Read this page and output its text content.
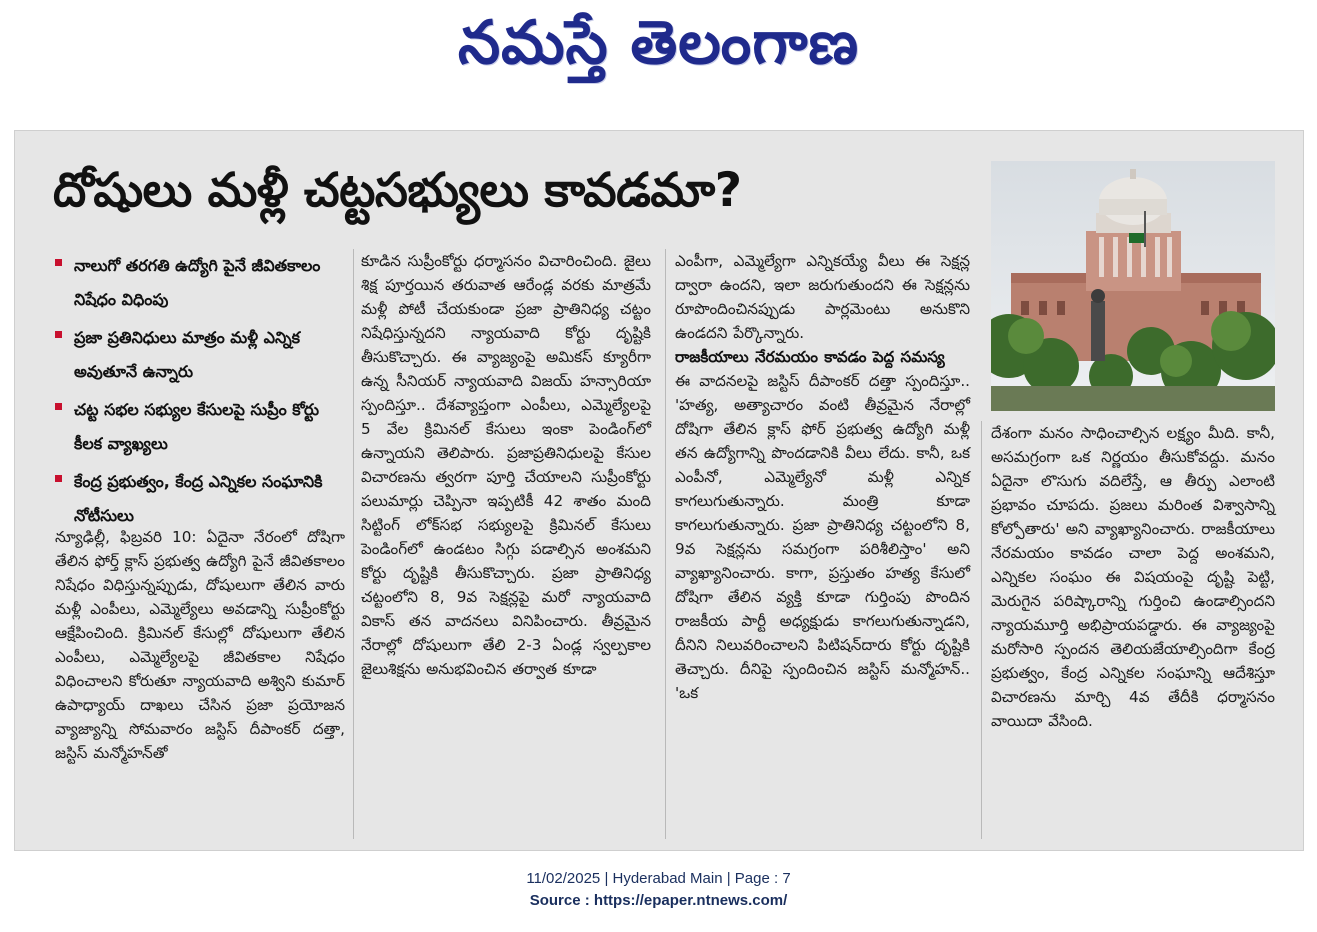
నమస్తే తెలంగాణ
దోషులు మళ్లీ చట్టసభ్యులు కావడమా?
నాలుగో తరగతి ఉద్యోగి పైనే జీవితకాలం నిషేధం విధింపు
ప్రజా ప్రతినిధులు మాత్రం మళ్లీ ఎన్నిక అవుతూనే ఉన్నారు
చట్ట సభల సభ్యుల కేసులపై సుప్రీం కోర్టు కీలక వ్యాఖ్యలు
కేంద్ర ప్రభుత్వం, కేంద్ర ఎన్నికల సంఘానికి నోటీసులు

న్యూఢిల్లీ, ఫిబ్రవరి 10: ఏదైనా నేరంలో దోషిగా తేలిన ఫోర్త్ క్లాస్ ప్రభుత్వ ఉద్యోగి పైనే జీవితకాలం నిషేధం విధిస్తున్నప్పుడు, దోషులుగా తేలిన వారు మళ్లీ ఎంపీలు, ఎమ్మెల్యేలు అవడాన్ని సుప్రీంకోర్టు ఆక్షేపించింది. క్రిమినల్ కేసుల్లో దోషులుగా తేలిన ఎంపీలు, ఎమ్మెల్యేలపై జీవితకాల నిషేధం విధించాలని కోరుతూ న్యాయవాది అశ్విని కుమార్ ఉపాధ్యాయ్ దాఖలు చేసిన ప్రజా ప్రయోజన వ్యాజ్యాన్ని సోమవారం జస్టిస్ దీపాంకర్ దత్తా, జస్టిస్ మన్మోహన్‌తో

కూడిన సుప్రీంకోర్టు ధర్మాసనం విచారించింది. జైలు శిక్ష పూర్తయిన తరువాత ఆరేండ్ల వరకు మాత్రమే మళ్లీ పోటీ చేయకుండా ప్రజా ప్రాతినిధ్య చట్టం నిషేధిస్తున్నదని న్యాయవాది కోర్టు దృష్టికి తీసుకొచ్చారు. ఈ వ్యాజ్యంపై అమికస్ క్యూరీగా ఉన్న సీనియర్ న్యాయవాది విజయ్ హన్సారియా స్పందిస్తూ.. దేశవ్యాప్తంగా ఎంపీలు, ఎమ్మెల్యేలపై 5 వేల క్రిమినల్ కేసులు ఇంకా పెండింగ్‌లో ఉన్నాయని తెలిపారు. ప్రజాప్రతినిధులపై కేసుల విచారణను త్వరగా పూర్తి చేయాలని సుప్రీంకోర్టు పలుమార్లు చెప్పినా ఇప్పటికీ 42 శాతం మంది సిట్టింగ్ లోక్‌సభ సభ్యులపై క్రిమినల్ కేసులు పెండింగ్‌లో ఉండటం సిగ్గు పడాల్సిన అంశమని కోర్టు దృష్టికి తీసుకొచ్చారు. ప్రజా ప్రాతినిధ్య చట్టంలోని 8, 9వ సెక్షన్లపై మరో న్యాయవాది వికాస్ తన వాదనలు వినిపించారు. తీవ్రమైన నేరాల్లో దోషులుగా తేలి 2-3 ఏండ్ల స్వల్పకాల జైలుశిక్షను అనుభవించిన తర్వాత కూడా

ఎంపీగా, ఎమ్మెల్యేగా ఎన్నికయ్యే వీలు ఈ సెక్షన్ల ద్వారా ఉందని, ఇలా జరుగుతుందని ఈ సెక్షన్లను రూపొందించినప్పుడు పార్లమెంటు అనుకొని ఉండదని పేర్కొన్నారు.

రాజకీయాలు నేరమయం కావడం పెద్ద సమస్య

ఈ వాదనలపై జస్టిస్ దీపాంకర్ దత్తా స్పందిస్తూ.. 'హత్య, అత్యాచారం వంటి తీవ్రమైన నేరాల్లో దోషిగా తేలిన క్లాస్ ఫోర్ ప్రభుత్వ ఉద్యోగి మళ్లీ తన ఉద్యోగాన్ని పొందడానికి వీలు లేదు. కానీ, ఒక ఎంపీనో, ఎమ్మెల్యేనో మళ్లీ ఎన్నిక కాగలుగుతున్నారు. మంత్రి కూడా కాగలుగుతున్నారు. ప్రజా ప్రాతినిధ్య చట్టంలోని 8, 9వ సెక్షన్లను సమగ్రంగా పరిశీలిస్తాం' అని వ్యాఖ్యానించారు. కాగా, ప్రస్తుతం హత్య కేసులో దోషిగా తేలిన వ్యక్తి కూడా గుర్తింపు పొందిన రాజకీయ పార్టీ అధ్యక్షుడు కాగలుగుతున్నాడని, దీనిని నిలువరించాలని పిటిషన్‌దారు కోర్టు దృష్టికి తెచ్చారు. దీనిపై స్పందించిన జస్టిస్ మన్మోహన్.. 'ఒక

దేశంగా మనం సాధించాల్సిన లక్ష్యం మీది. కానీ, అసమగ్రంగా ఒక నిర్ణయం తీసుకోవద్దు. మనం ఏదైనా లొసుగు వదిలేస్తే, ఆ తీర్పు ఎలాంటి ప్రభావం చూపదు. ప్రజలు మరింత విశ్వాసాన్ని కోల్పోతారు' అని వ్యాఖ్యానించారు. రాజకీయాలు నేరమయం కావడం చాలా పెద్ద అంశమని, ఎన్నికల సంఘం ఈ విషయంపై దృష్టి పెట్టి, మెరుగైన పరిష్కారాన్ని గుర్తించి ఉండాల్సిందని న్యాయమూర్తి అభిప్రాయపడ్డారు. ఈ వ్యాజ్యంపై మరోసారి స్పందన తెలియజేయాల్సిందిగా కేంద్ర ప్రభుత్వం, కేంద్ర ఎన్నికల సంఘాన్ని ఆదేశిస్తూ విచారణను మార్చి 4వ తేదీకి ధర్మాసనం వాయిదా వేసింది.

11/02/2025 | Hyderabad Main | Page : 7
Source : https://epaper.ntnews.com/
